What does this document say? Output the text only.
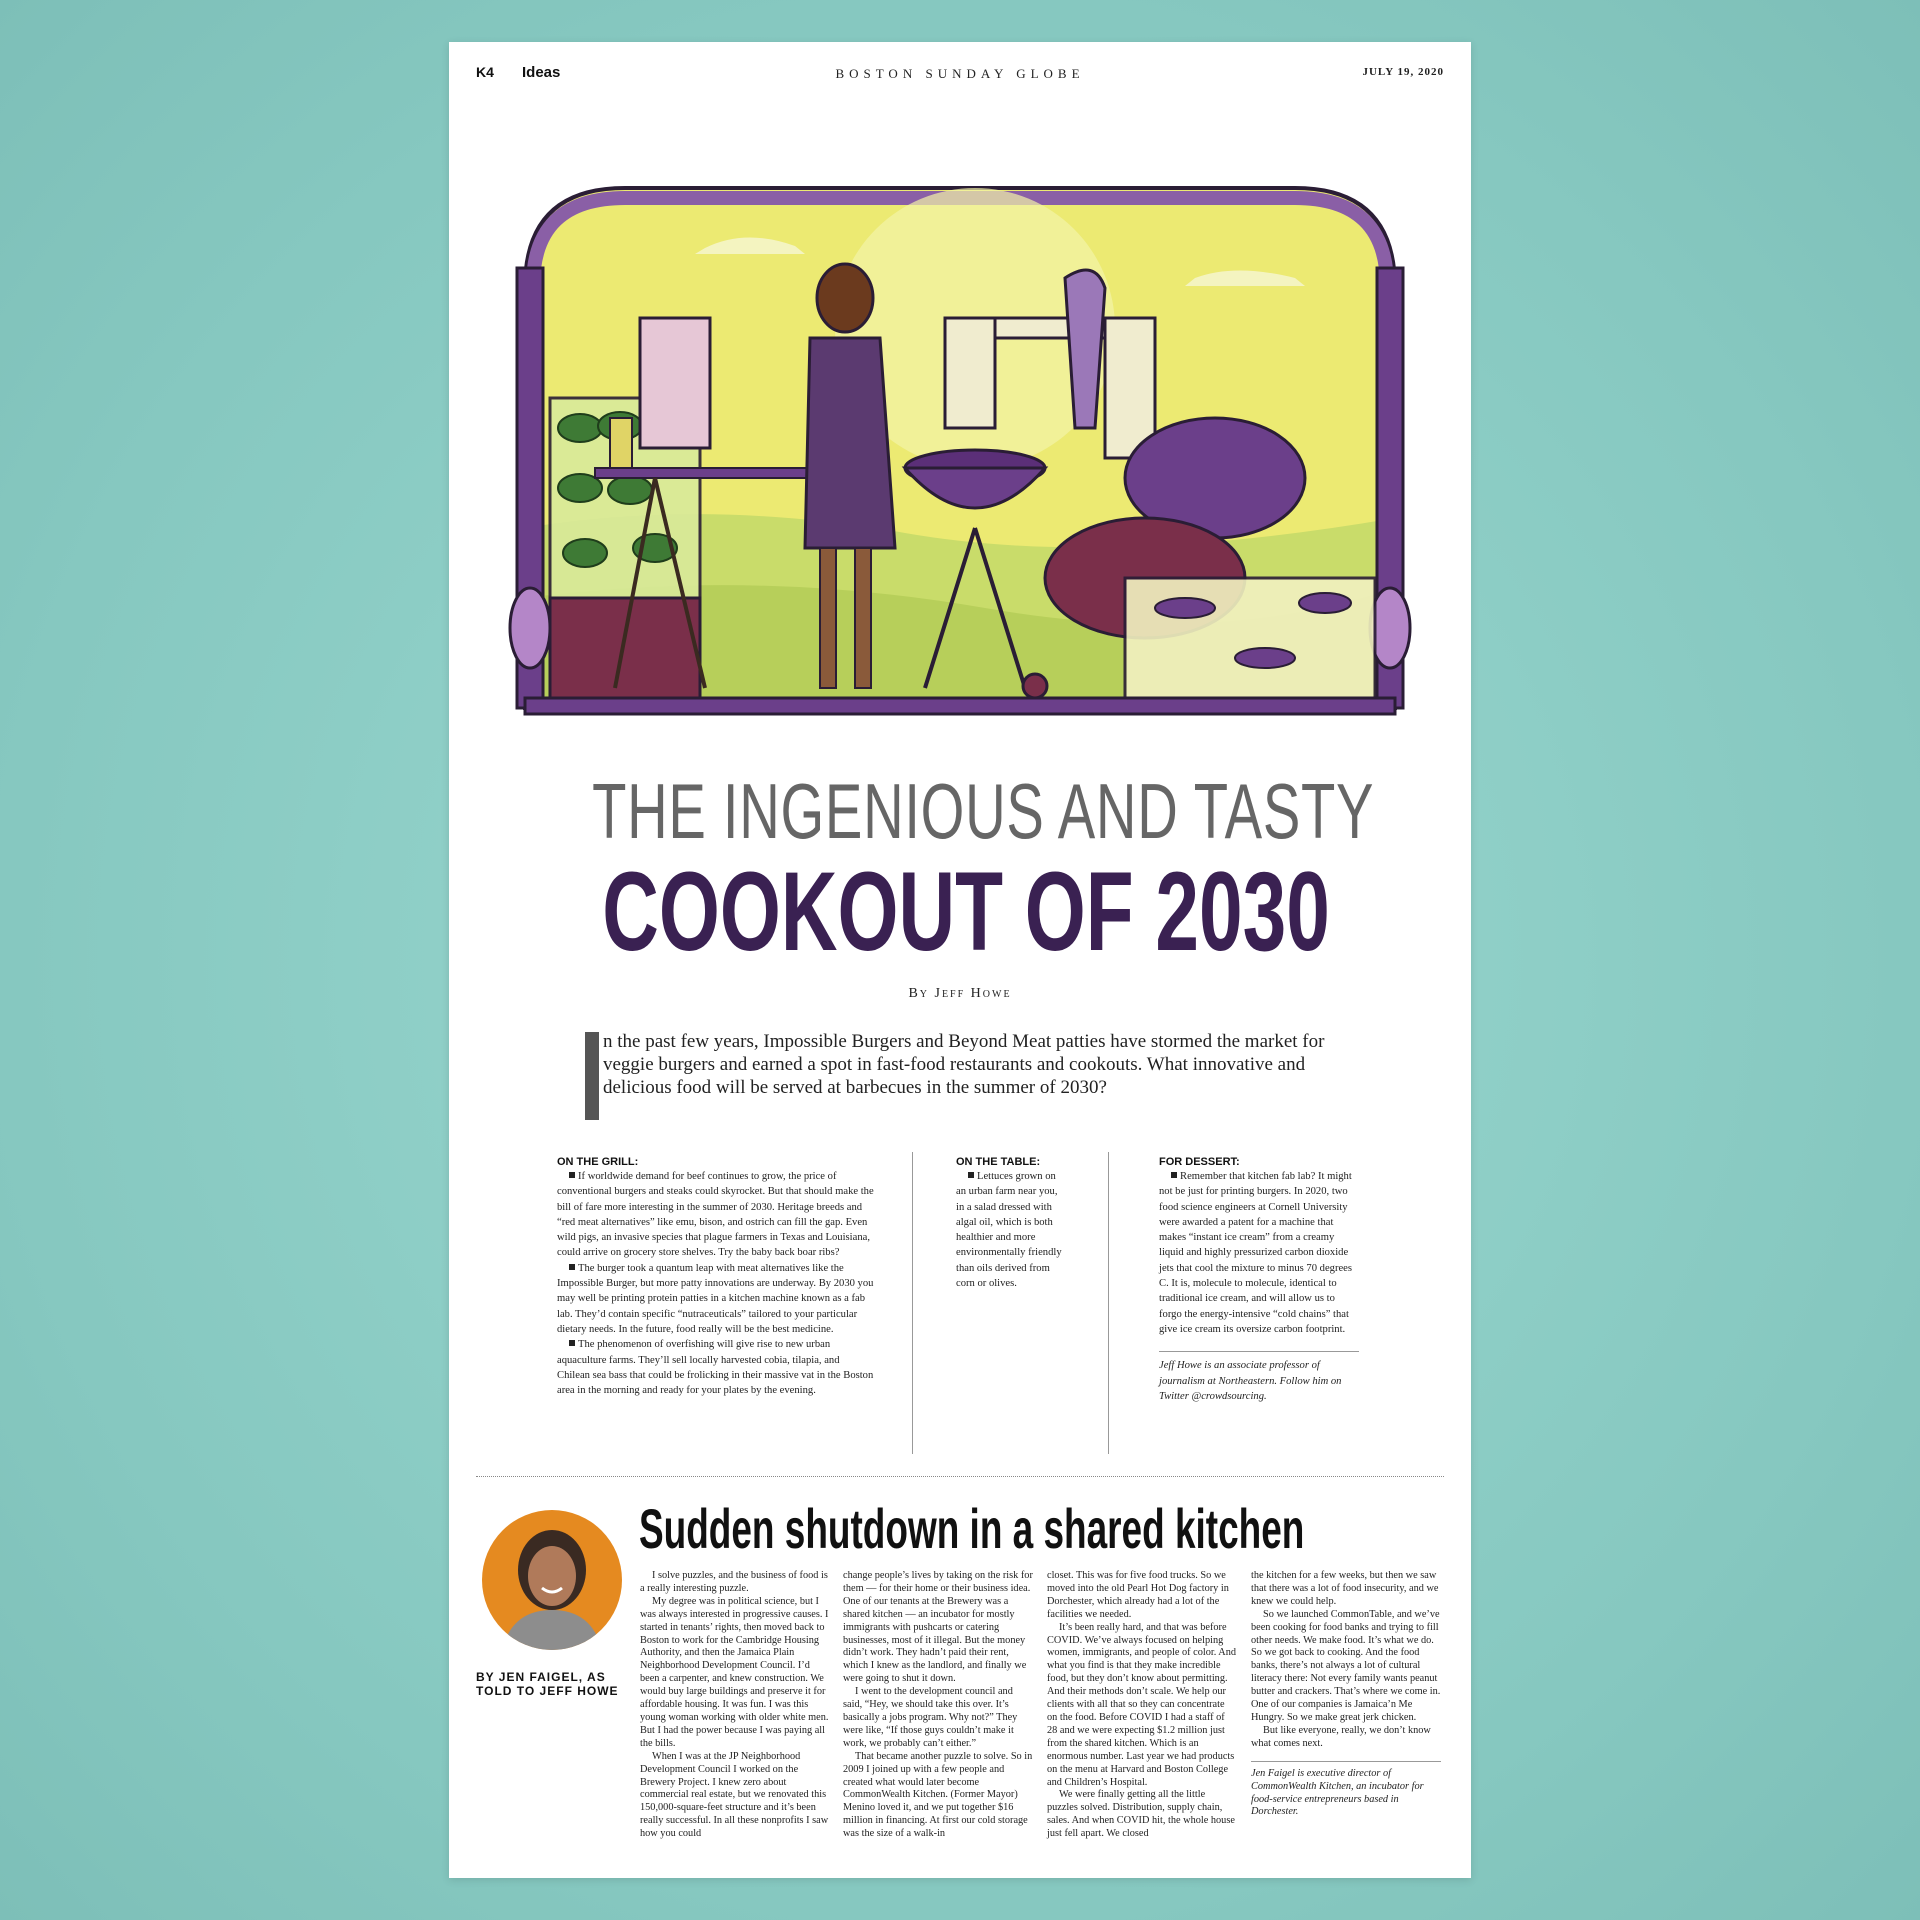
K4 Ideas	BOSTON SUNDAY GLOBE	JULY 19, 2020
THE INGENIOUS AND TASTY
COOKOUT OF 2030
By Jeff Howe
n the past few years, Impossible Burgers and Beyond Meat patties have stormed the market for veggie burgers and earned a spot in fast-food restaurants and cookouts. What innovative and delicious food will be served at barbecues in the summer of 2030?
ON THE GRILL:

If worldwide demand for beef continues to grow, the price of conventional burgers and steaks could skyrocket. But that should make the bill of fare more interesting in the summer of 2030. Heritage breeds and “red meat alternatives” like emu, bison, and ostrich can fill the gap. Even wild pigs, an invasive species that plague farmers in Texas and Louisiana, could arrive on grocery store shelves. Try the baby back boar ribs?

The burger took a quantum leap with meat alternatives like the Impossible Burger, but more patty innovations are underway. By 2030 you may well be printing protein patties in a kitchen machine known as a fab lab. They’d contain specific “nutraceuticals” tailored to your particular dietary needs. In the future, food really will be the best medicine.

The phenomenon of overfishing will give rise to new urban aquaculture farms. They’ll sell locally harvested cobia, tilapia, and Chilean sea bass that could be frolicking in their massive vat in the Boston area in the morning and ready for your plates by the evening.

ON THE TABLE:

Lettuces grown on an urban farm near you, in a salad dressed with algal oil, which is both healthier and more environmentally friendly than oils derived from corn or olives.

FOR DESSERT:

Remember that kitchen fab lab? It might not be just for printing burgers. In 2020, two food science engineers at Cornell University were awarded a patent for a machine that makes “instant ice cream” from a creamy liquid and highly pressurized carbon dioxide jets that cool the mixture to minus 70 degrees C. It is, molecule to molecule, identical to traditional ice cream, and will allow us to forgo the energy-intensive “cold chains” that give ice cream its oversize carbon footprint.

Jeff Howe is an associate professor of journalism at Northeastern. Follow him on Twitter @crowdsourcing.

BY JEN FAIGEL, AS TOLD TO JEFF HOWE
Sudden shutdown in a shared kitchen

I solve puzzles, and the business of food is a really interesting puzzle.

My degree was in political science, but I was always interested in progressive causes. I started in tenants’ rights, then moved back to Boston to work for the Cambridge Housing Authority, and then the Jamaica Plain Neighborhood Development Council. I’d been a carpenter, and knew construction. We would buy large buildings and preserve it for affordable housing. It was fun. I was this young woman working with older white men. But I had the power because I was paying all the bills.

When I was at the JP Neighborhood Development Council I worked on the Brewery Project. I knew zero about commercial real estate, but we renovated this 150,000-square-feet structure and it’s been really successful. In all these nonprofits I saw how you could

change people’s lives by taking on the risk for them — for their home or their business idea. One of our tenants at the Brewery was a shared kitchen — an incubator for mostly immigrants with pushcarts or catering businesses, most of it illegal. But the money didn’t work. They hadn’t paid their rent, which I knew as the landlord, and finally we were going to shut it down.

I went to the development council and said, “Hey, we should take this over. It’s basically a jobs program. Why not?” They were like, “If those guys couldn’t make it work, we probably can’t either.”

That became another puzzle to solve. So in 2009 I joined up with a few people and created what would later become CommonWealth Kitchen. (Former Mayor) Menino loved it, and we put together $16 million in financing. At first our cold storage was the size of a walk-in

closet. This was for five food trucks. So we moved into the old Pearl Hot Dog factory in Dorchester, which already had a lot of the facilities we needed.

It’s been really hard, and that was before COVID. We’ve always focused on helping women, immigrants, and people of color. And what you find is that they make incredible food, but they don’t know about permitting. And their methods don’t scale. We help our clients with all that so they can concentrate on the food. Before COVID I had a staff of 28 and we were expecting $1.2 million just from the shared kitchen. Which is an enormous number. Last year we had products on the menu at Harvard and Boston College and Children’s Hospital.

We were finally getting all the little puzzles solved. Distribution, supply chain, sales. And when COVID hit, the whole house just fell apart. We closed

the kitchen for a few weeks, but then we saw that there was a lot of food insecurity, and we knew we could help.

So we launched CommonTable, and we’ve been cooking for food banks and trying to fill other needs. We make food. It’s what we do. So we got back to cooking. And the food banks, there’s not always a lot of cultural literacy there: Not every family wants peanut butter and crackers. That’s where we come in. One of our companies is Jamaica’n Me Hungry. So we make great jerk chicken.

But like everyone, really, we don’t know what comes next.

Jen Faigel is executive director of CommonWealth Kitchen, an incubator for food-service entrepreneurs based in Dorchester.
